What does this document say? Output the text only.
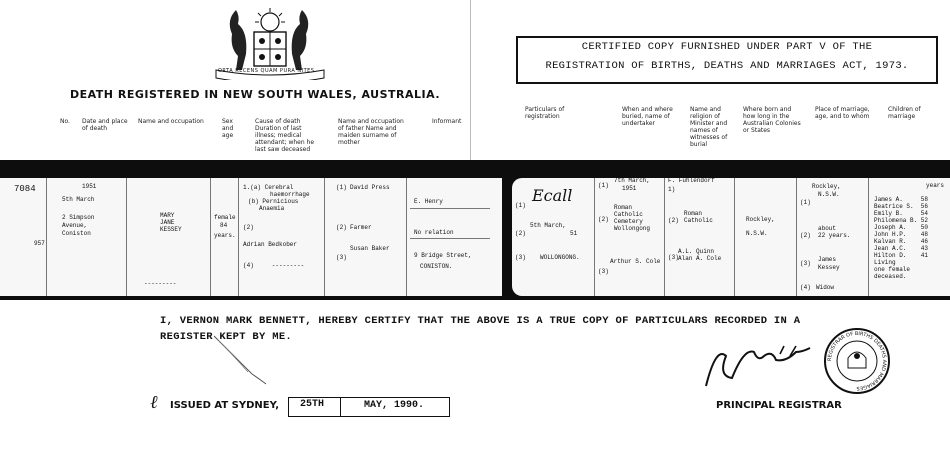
ORTA RECENS QUAM PURA NITES
DEATH REGISTERED IN NEW SOUTH WALES, AUSTRALIA.
No. Date and place of death
Name and occupation	Sex and age
Cause of death Duration of last illness; medical attendant; when he last saw deceased
Name and occupation of father Name and maiden surname of mother
Informant
CERTIFIED COPY FURNISHED UNDER PART V OF THE
REGISTRATION OF BIRTHS, DEATHS AND MARRIAGES ACT, 1973.
Particulars of registration
When and where buried, name of undertaker
Name and religion of Minister and names of witnesses of burial
Where born and how long in the Australian Colonies or States
Place of marriage, age, and to whom
Children of marriage
7084
957
1951
5th March
2 Simpson
Avenue,
Coniston
MARY
JANE
KESSEY
---------
female
84
years.
1.(a) Cerebral
haemorrhage
(b) Pernicious
Anaemia
(2)
Adrian Bedkober
(4)     ---------
(1) David Press
(2) Farmer
(3)
Susan Baker
E. Henry
No relation
9 Bridge Street,
CONISTON.
(1)
Ecall
(2)
5th March,
51
(3) WOLLONGONG.
(1)
7th March,
1951
(2)
Roman
Catholic
Cemetery
Wollongong
(3)
Arthur S. Cole
F. Fuhlendorf
1)
(2)
Roman
Catholic
(3)
A.L. Quinn
Alan A. Cole
Rockley,
N.S.W.
Rockley,
N.S.W.
(1)
(2)
about
22 years.
(3)
James
Kessey
(4) Widow
years
James A.     58
Beatrice S.  56
Emily B.     54
Philomena B. 52
Joseph A.    50
John H.P.    48
Kalvan R.    46
Jean A.C.    43
Hilton D.    41
Living
one female
deceased.
I, VERNON MARK BENNETT, HEREBY CERTIFY THAT THE ABOVE IS A TRUE COPY OF PARTICULARS RECORDED IN A REGISTER KEPT BY ME.
ℓ ISSUED AT SYDNEY, 25TH	MAY, 1990.
REGISTRAR OF BIRTHS DEATHS AND MARRIAGES
PRINCIPAL REGISTRAR
